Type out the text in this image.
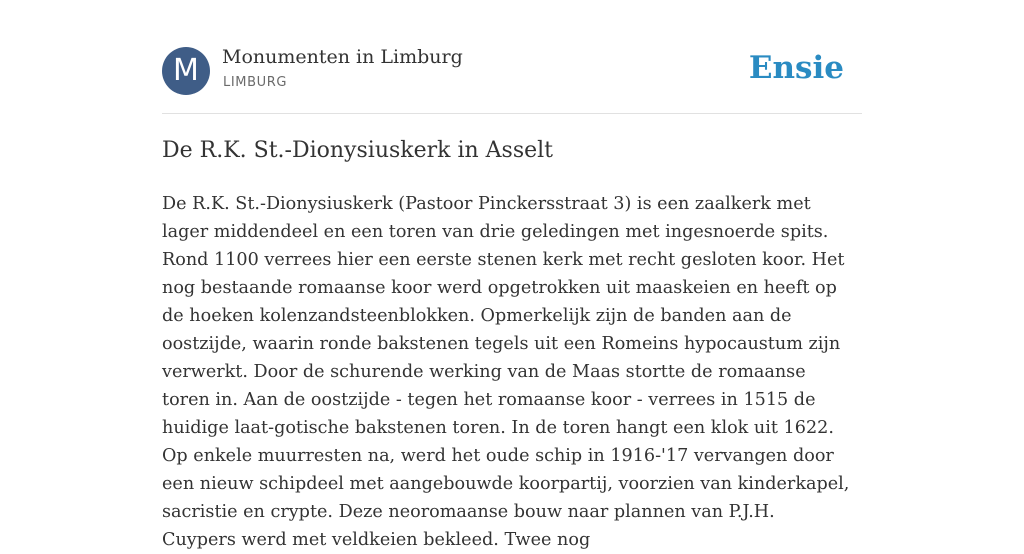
M	Monumenten in Limburg
LIMBURG	Ensie
De R.K. St.-Dionysiuskerk in Asselt

De R.K. St.-Dionysiuskerk (Pastoor Pinckersstraat 3) is een zaalkerk met lager middendeel en een toren van drie geledingen met ingesnoerde spits. Rond 1100 verrees hier een eerste stenen kerk met recht gesloten koor. Het nog bestaande romaanse koor werd opgetrokken uit maaskeien en heeft op de hoeken kolenzandsteenblokken. Opmerkelijk zijn de banden aan de oostzijde, waarin ronde bakstenen tegels uit een Romeins hypocaustum zijn verwerkt. Door de schurende werking van de Maas stortte de romaanse toren in. Aan de oostzijde - tegen het romaanse koor - verrees in 1515 de huidige laat-gotische bakstenen toren. In de toren hangt een klok uit 1622. Op enkele muurresten na, werd het oude schip in 1916-'17 vervangen door een nieuw schipdeel met aangebouwde koorpartij, voorzien van kinderkapel, sacristie en crypte. Deze neoromaanse bouw naar plannen van P.J.H. Cuypers werd met veldkeien bekleed. Twee nog
